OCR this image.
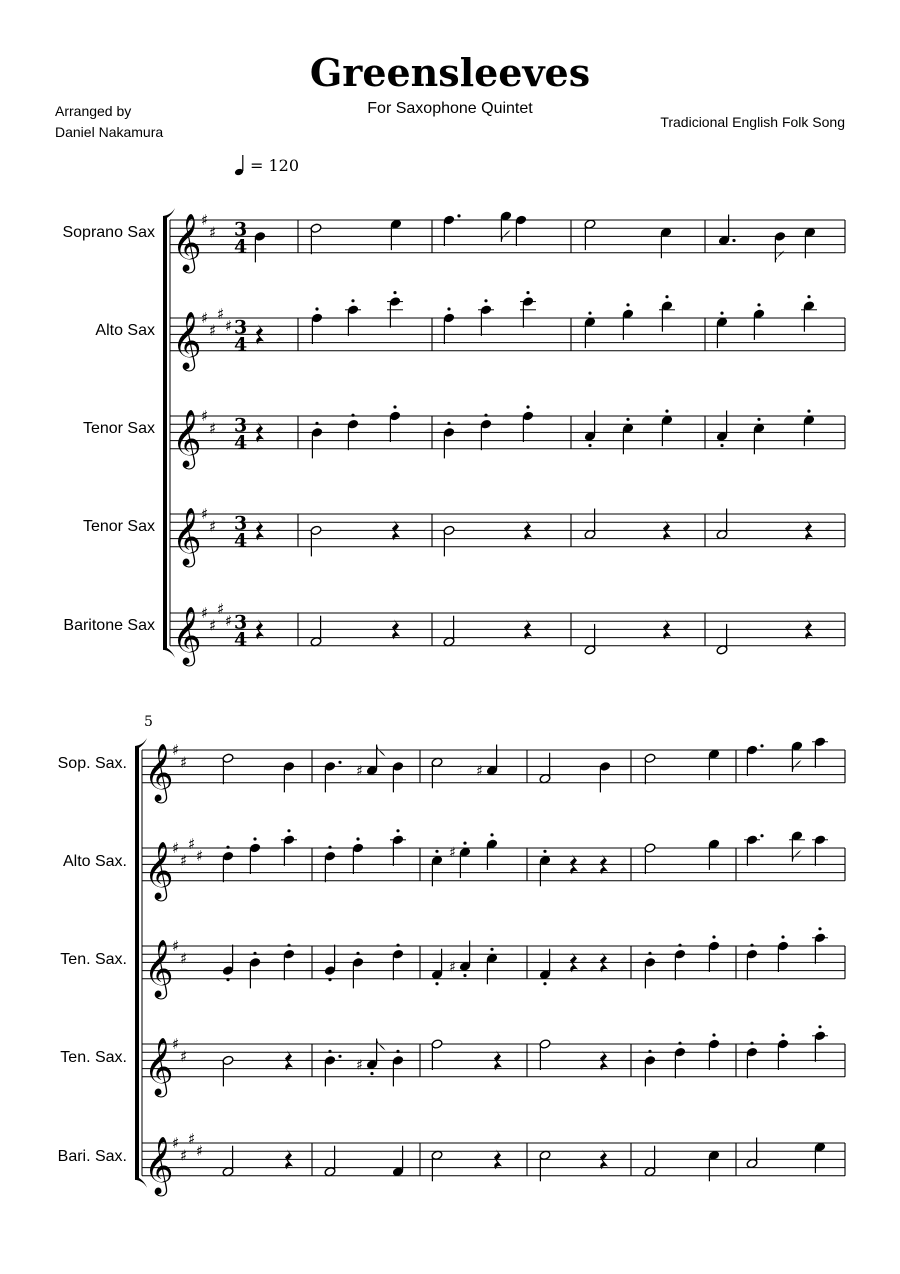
Greensleeves
For Saxophone Quintet
Arranged by
Daniel Nakamura
Tradicional English Folk Song
= 120
Soprano Sax
Alto Sax
Tenor Sax
Tenor Sax
Baritone Sax
5
Sop. Sax.
Alto Sax.
Ten. Sax.
Ten. Sax.
Bari. Sax.
𝄞 ♯
♯ 3
4
𝄞 ♯
♯
♯
♯ 3
4
𝄞 ♯
♯ 3
4
𝄞 ♯
♯ 3
4
𝄞 ♯
♯
♯
♯ 3
4
𝄞
♯
♯
𝄞
♯
♯
♯
♯
𝄞
♯
♯
𝄞
♯
♯
𝄞
♯
♯
♯
♯
♯	♯
♯
♯
♯
